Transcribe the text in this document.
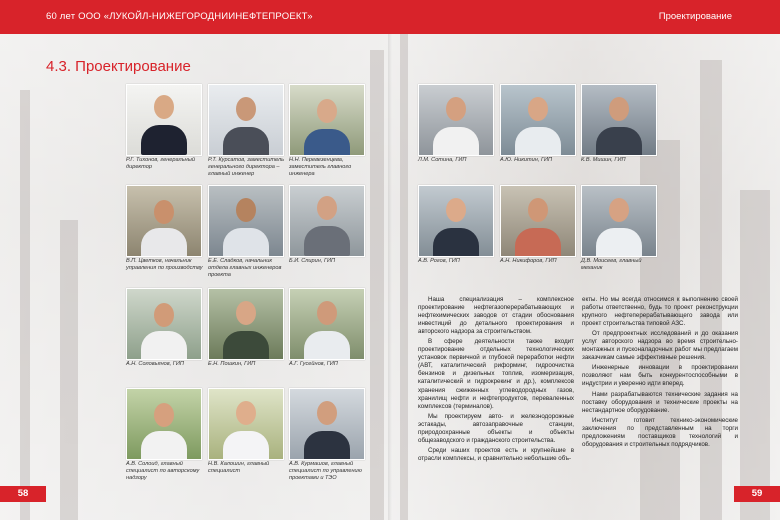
60 лет ООО «ЛУКОЙЛ-НИЖЕГОРОДНИИНЕФТЕПРОЕКТ»	Проектирование
4.3. Проектирование
Р.Г. Тихонов, генеральный директор
Р.Т. Курсатов, заместитель генерального директора – главный инженер
Н.Н. Перевезенцева, заместитель главного инженера
В.П. Цветков, начальник управления по производству
Е.Е. Сладков, начальник отдела главных инженеров проекта
Б.И. Спирин, ГИП
А.Н. Соловьянов, ГИП	Е.Н. Пошкин, ГИП	А.Г. Гусейнов, ГИП
А.В. Солоид, главный специалист по авторскому надзору
Н.В. Калошин, главный специалист
А.В. Курмашов, главный специалист по управлению проектами и ТЭО
Л.М. Сотина, ГИП	А.Ю. Никитин, ГИП	К.В. Мишин, ГИП
А.В. Рогов, ГИП	А.Н. Никифоров, ГИП	Д.В. Моисеев, главный механик

Наша специализация – комплексное проектирование нефтегазоперерабатывающих и нефтехимических заводов от стадии обоснования инвестиций до детального проектирования и авторского надзора за строительством.

В сфере деятельности также входит проектирование отдельных технологических установок первичной и глубокой переработки нефти (АВТ, каталитический риформинг, гидроочистка бензинов и дизельных топлив, изомеризация, каталитический и гидрокрекинг и др.), комплексов хранения сжиженных углеводородных газов, хранилищ нефти и нефтепродуктов, переваленных комплексов (терминалов).

Мы проектируем авто- и железнодорожные эстакады, автозаправочные станции, природоохранные объекты и объекты общезаводского и гражданского строительства.

Среди наших проектов есть и крупнейшие в отрасли комплексы, и сравнительно небольшие объ-

екты. Но мы всегда относимся к выполнению своей работы ответственно, будь то проект реконструкции крупного нефтеперерабатывающего завода или проект строительства типовой АЗС.

От предпроектных исследований и до оказания услуг авторского надзора во время строительно-монтажных и пусконаладочных работ мы предлагаем заказчикам самые эффективные решения.

Инженерные инновации в проектировании позволяют нам быть конкурентоспособными в индустрии и уверенно идти вперед.

Нами разрабатываются технические задания на поставку оборудования и технические проекты на нестандартное оборудование.

Институт готовит технико-экономические заключения по представленным на торги предложениям поставщиков технологий и оборудования и строительных подрядчиков.

58	59
